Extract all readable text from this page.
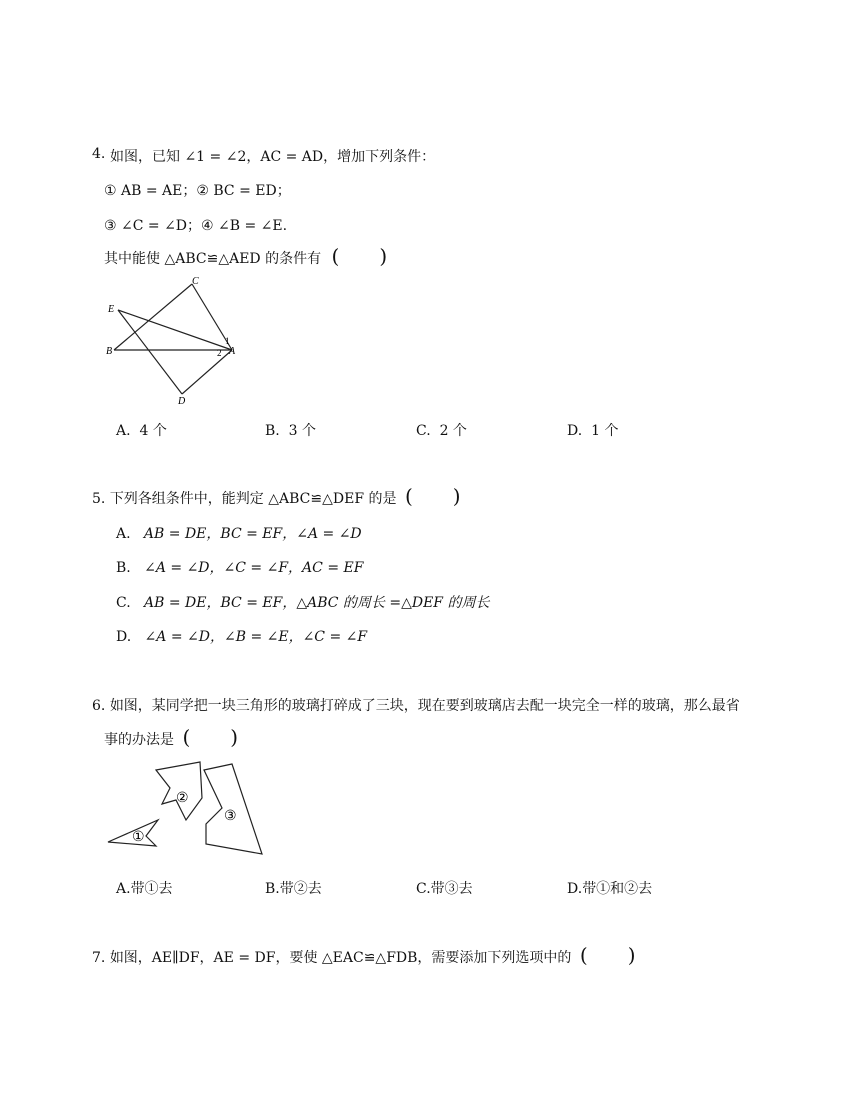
4. 如图，已知 ∠1 = ∠2，AC = AD，增加下列条件：
① AB = AE；② BC = ED；
③ ∠C = ∠D；④ ∠B = ∠E.
其中能使 △ABC≌△AED 的条件有 (　　)
C
E
B	A
D
1
2
A. 4 个	B. 3 个	C. 2 个	D. 1 个
5. 下列各组条件中，能判定 △ABC≌△DEF 的是 (　　)
A. AB = DE，BC = EF，∠A = ∠D
B. ∠A = ∠D，∠C = ∠F，AC = EF
C. AB = DE，BC = EF，△ABC 的周长 =△DEF 的周长
D. ∠A = ∠D，∠B = ∠E，∠C = ∠F
6. 如图，某同学把一块三角形的玻璃打碎成了三块，现在要到玻璃店去配一块完全一样的玻璃，那么最省
事的办法是 (　　)
①
②
③
A.带①去	B.带②去	C.带③去	D.带①和②去
7. 如图，AE∥DF，AE = DF，要使 △EAC≌△FDB，需要添加下列选项中的 (　　)
